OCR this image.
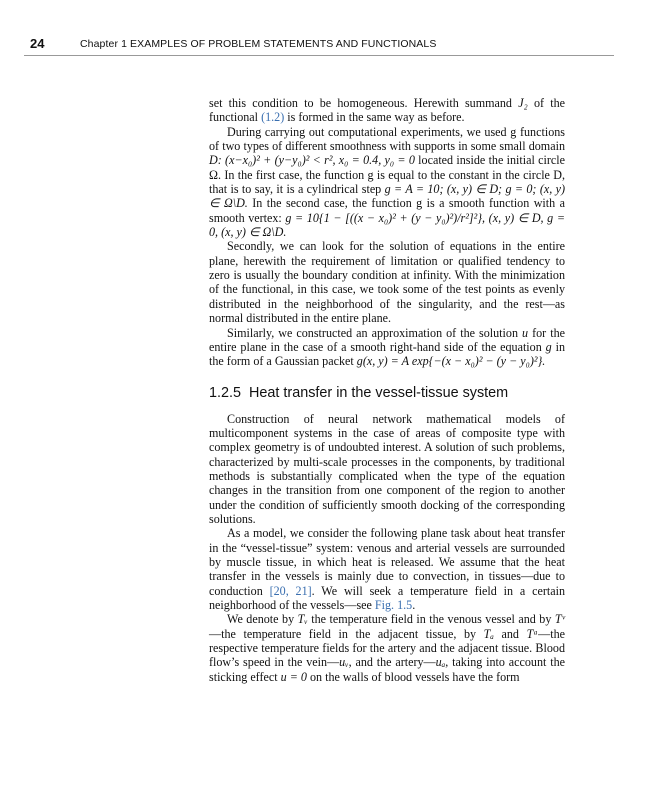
24	Chapter 1 EXAMPLES OF PROBLEM STATEMENTS AND FUNCTIONALS

set this condition to be homogeneous. Herewith summand J₂ of the functional (1.2) is formed in the same way as before.

During carrying out computational experiments, we used g functions of two types of different smoothness with supports in some small domain D: (x−x₀)² + (y−y₀)² < r², x₀ = 0.4, y₀ = 0 located inside the initial circle Ω. In the first case, the function g is equal to the constant in the circle D, that is to say, it is a cylindrical step g = A = 10; (x, y) ∈ D; g = 0; (x, y) ∈ Ω\D. In the second case, the function g is a smooth function with a smooth vertex: g = 10{1 − [((x − x₀)² + (y − y₀)²)/r²]²}, (x, y) ∈ D, g = 0, (x, y) ∈ Ω\D.

Secondly, we can look for the solution of equations in the entire plane, herewith the requirement of limitation or qualified tendency to zero is usually the boundary condition at infinity. With the minimization of the functional, in this case, we took some of the test points as evenly distributed in the neighborhood of the singularity, and the rest—as normal distributed in the entire plane.

Similarly, we constructed an approximation of the solution u for the entire plane in the case of a smooth right-hand side of the equation g in the form of a Gaussian packet g(x, y) = A exp{−(x − x₀)² − (y − y₀)²}.

1.2.5 Heat transfer in the vessel-tissue system

Construction of neural network mathematical models of multicomponent systems in the case of areas of composite type with complex geometry is of undoubted interest. A solution of such problems, characterized by multi-scale processes in the components, by traditional methods is substantially complicated when the type of the equation changes in the transition from one component of the region to another under the condition of sufficiently smooth docking of the corresponding solutions.

As a model, we consider the following plane task about heat transfer in the “vessel-tissue” system: venous and arterial vessels are surrounded by muscle tissue, in which heat is released. We assume that the heat transfer in the vessels is mainly due to convection, in tissues—due to conduction [20, 21]. We will seek a temperature field in a certain neighborhood of the vessels—see Fig. 1.5.

We denote by Tᵥ the temperature field in the venous vessel and by Tᵛ—the temperature field in the adjacent tissue, by Tₐ and Tᵃ—the respective temperature fields for the artery and the adjacent tissue. Blood flow’s speed in the vein—uᵥ, and the artery—uₐ, taking into account the sticking effect u = 0 on the walls of blood vessels have the form
